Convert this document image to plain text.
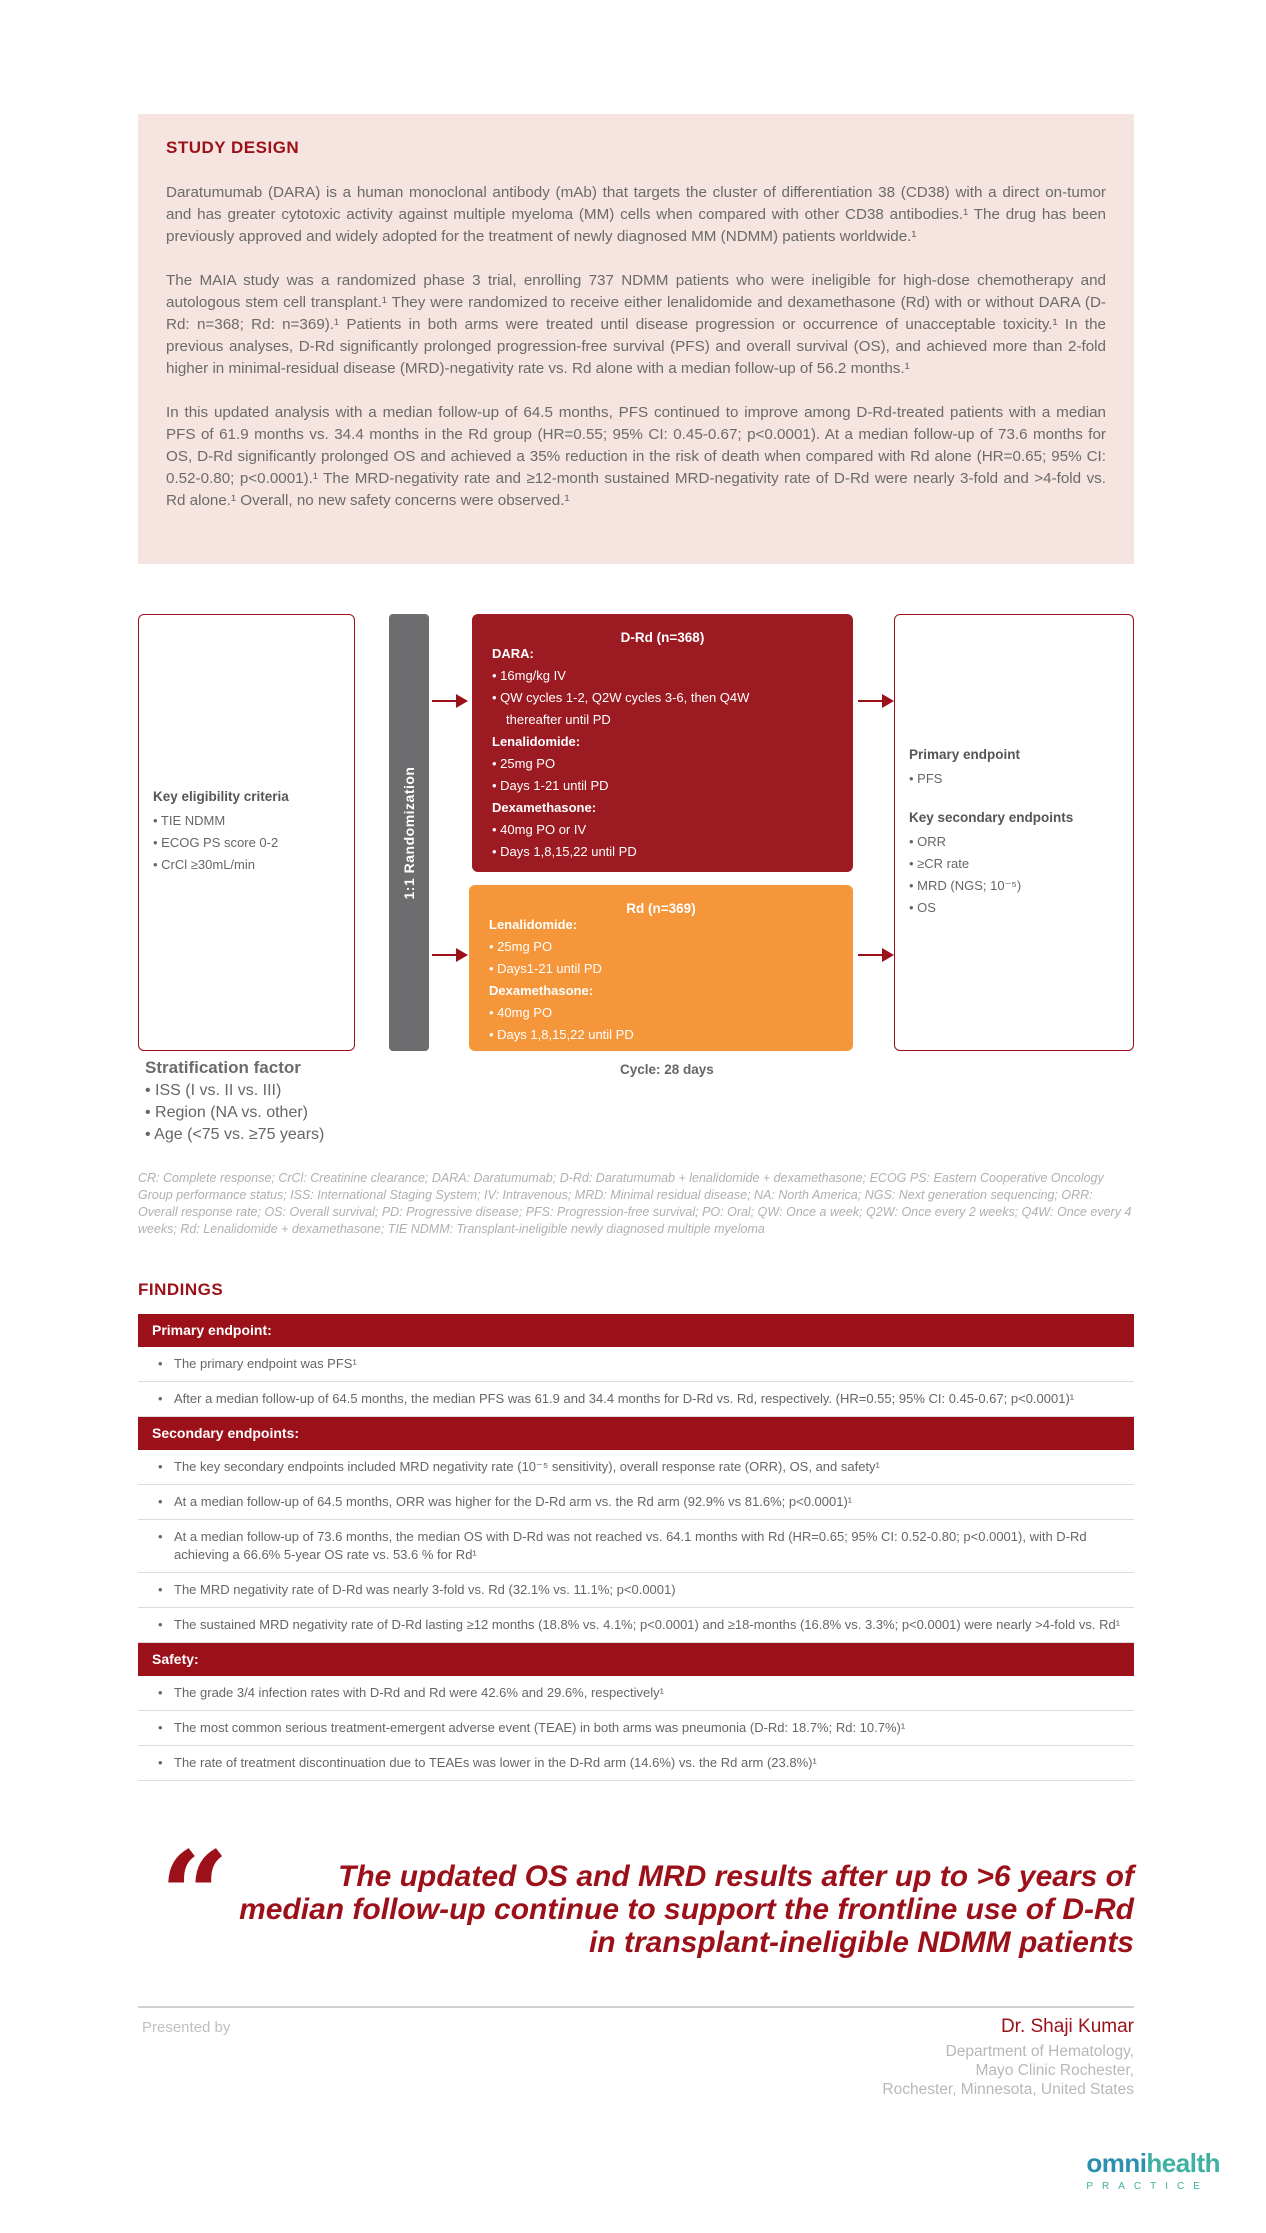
STUDY DESIGN

Daratumumab (DARA) is a human monoclonal antibody (mAb) that targets the cluster of differentiation 38 (CD38) with a direct on-tumor and has greater cytotoxic activity against multiple myeloma (MM) cells when compared with other CD38 antibodies.¹ The drug has been previously approved and widely adopted for the treatment of newly diagnosed MM (NDMM) patients worldwide.¹

The MAIA study was a randomized phase 3 trial, enrolling 737 NDMM patients who were ineligible for high-dose chemotherapy and autologous stem cell transplant.¹ They were randomized to receive either lenalidomide and dexamethasone (Rd) with or without DARA (D-Rd: n=368; Rd: n=369).¹ Patients in both arms were treated until disease progression or occurrence of unacceptable toxicity.¹ In the previous analyses, D-Rd significantly prolonged progression-free survival (PFS) and overall survival (OS), and achieved more than 2-fold higher in minimal-residual disease (MRD)-negativity rate vs. Rd alone with a median follow-up of 56.2 months.¹

In this updated analysis with a median follow-up of 64.5 months, PFS continued to improve among D-Rd-treated patients with a median PFS of 61.9 months vs. 34.4 months in the Rd group (HR=0.55; 95% CI: 0.45-0.67; p<0.0001). At a median follow-up of 73.6 months for OS, D-Rd significantly prolonged OS and achieved a 35% reduction in the risk of death when compared with Rd alone (HR=0.65; 95% CI: 0.52-0.80; p<0.0001).¹ The MRD-negativity rate and ≥12-month sustained MRD-negativity rate of D-Rd were nearly 3-fold and >4-fold vs. Rd alone.¹ Overall, no new safety concerns were observed.¹

Key eligibility criteria
• TIE NDMM
• ECOG PS score 0-2
• CrCl ≥30mL/min	1:1 Randomization
D-Rd (n=368)
DARA:
• 16mg/kg IV
• QW cycles 1-2, Q2W cycles 3-6, then Q4W
thereafter until PD
Lenalidomide:
• 25mg PO
• Days 1-21 until PD
Dexamethasone:
• 40mg PO or IV
• Days 1,8,15,22 until PD
Rd (n=369)
Lenalidomide:
• 25mg PO
• Days1-21 until PD
Dexamethasone:
• 40mg PO
• Days 1,8,15,22 until PD
Primary endpoint
• PFS
Key secondary endpoints
• ORR
• ≥CR rate
• MRD (NGS; 10⁻⁵)
• OS
Stratification factor
• ISS (I vs. II vs. III)
• Region (NA vs. other)
• Age (<75 vs. ≥75 years)
Cycle: 28 days
CR: Complete response; CrCl: Creatinine clearance; DARA: Daratumumab; D-Rd: Daratumumab + lenalidomide + dexamethasone; ECOG PS: Eastern Cooperative Oncology Group performance status; ISS: International Staging System; IV: Intravenous; MRD: Minimal residual disease; NA: North America; NGS: Next generation sequencing; ORR: Overall response rate; OS: Overall survival; PD: Progressive disease; PFS: Progression-free survival; PO: Oral; QW: Once a week; Q2W: Once every 2 weeks; Q4W: Once every 4 weeks; Rd: Lenalidomide + dexamethasone; TIE NDMM: Transplant-ineligible newly diagnosed multiple myeloma
FINDINGS
Primary endpoint:
• The primary endpoint was PFS¹
• After a median follow-up of 64.5 months, the median PFS was 61.9 and 34.4 months for D-Rd vs. Rd, respectively. (HR=0.55; 95% CI: 0.45-0.67; p<0.0001)¹
Secondary endpoints:
• The key secondary endpoints included MRD negativity rate (10⁻⁵ sensitivity), overall response rate (ORR), OS, and safety¹
• At a median follow-up of 64.5 months, ORR was higher for the D-Rd arm vs. the Rd arm (92.9% vs 81.6%; p<0.0001)¹
• At a median follow-up of 73.6 months, the median OS with D-Rd was not reached vs. 64.1 months with Rd (HR=0.65; 95% CI: 0.52-0.80; p<0.0001), with D-Rd achieving a 66.6% 5-year OS rate vs. 53.6 % for Rd¹
• The MRD negativity rate of D-Rd was nearly 3-fold vs. Rd (32.1% vs. 11.1%; p<0.0001)
• The sustained MRD negativity rate of D-Rd lasting ≥12 months (18.8% vs. 4.1%; p<0.0001) and ≥18-months (16.8% vs. 3.3%; p<0.0001) were nearly >4-fold vs. Rd¹
Safety:
• The grade 3/4 infection rates with D-Rd and Rd were 42.6% and 29.6%, respectively¹
• The most common serious treatment-emergent adverse event (TEAE) in both arms was pneumonia (D-Rd: 18.7%; Rd: 10.7%)¹
• The rate of treatment discontinuation due to TEAEs was lower in the D-Rd arm (14.6%) vs. the Rd arm (23.8%)¹
“	The updated OS and MRD results after up to >6 years of median follow-up continue to support the frontline use of D-Rd in transplant-ineligible NDMM patients
Presented by	Dr. Shaji Kumar
Department of Hematology,
Mayo Clinic Rochester,
Rochester, Minnesota, United States
omnihealth
PRACTICE
